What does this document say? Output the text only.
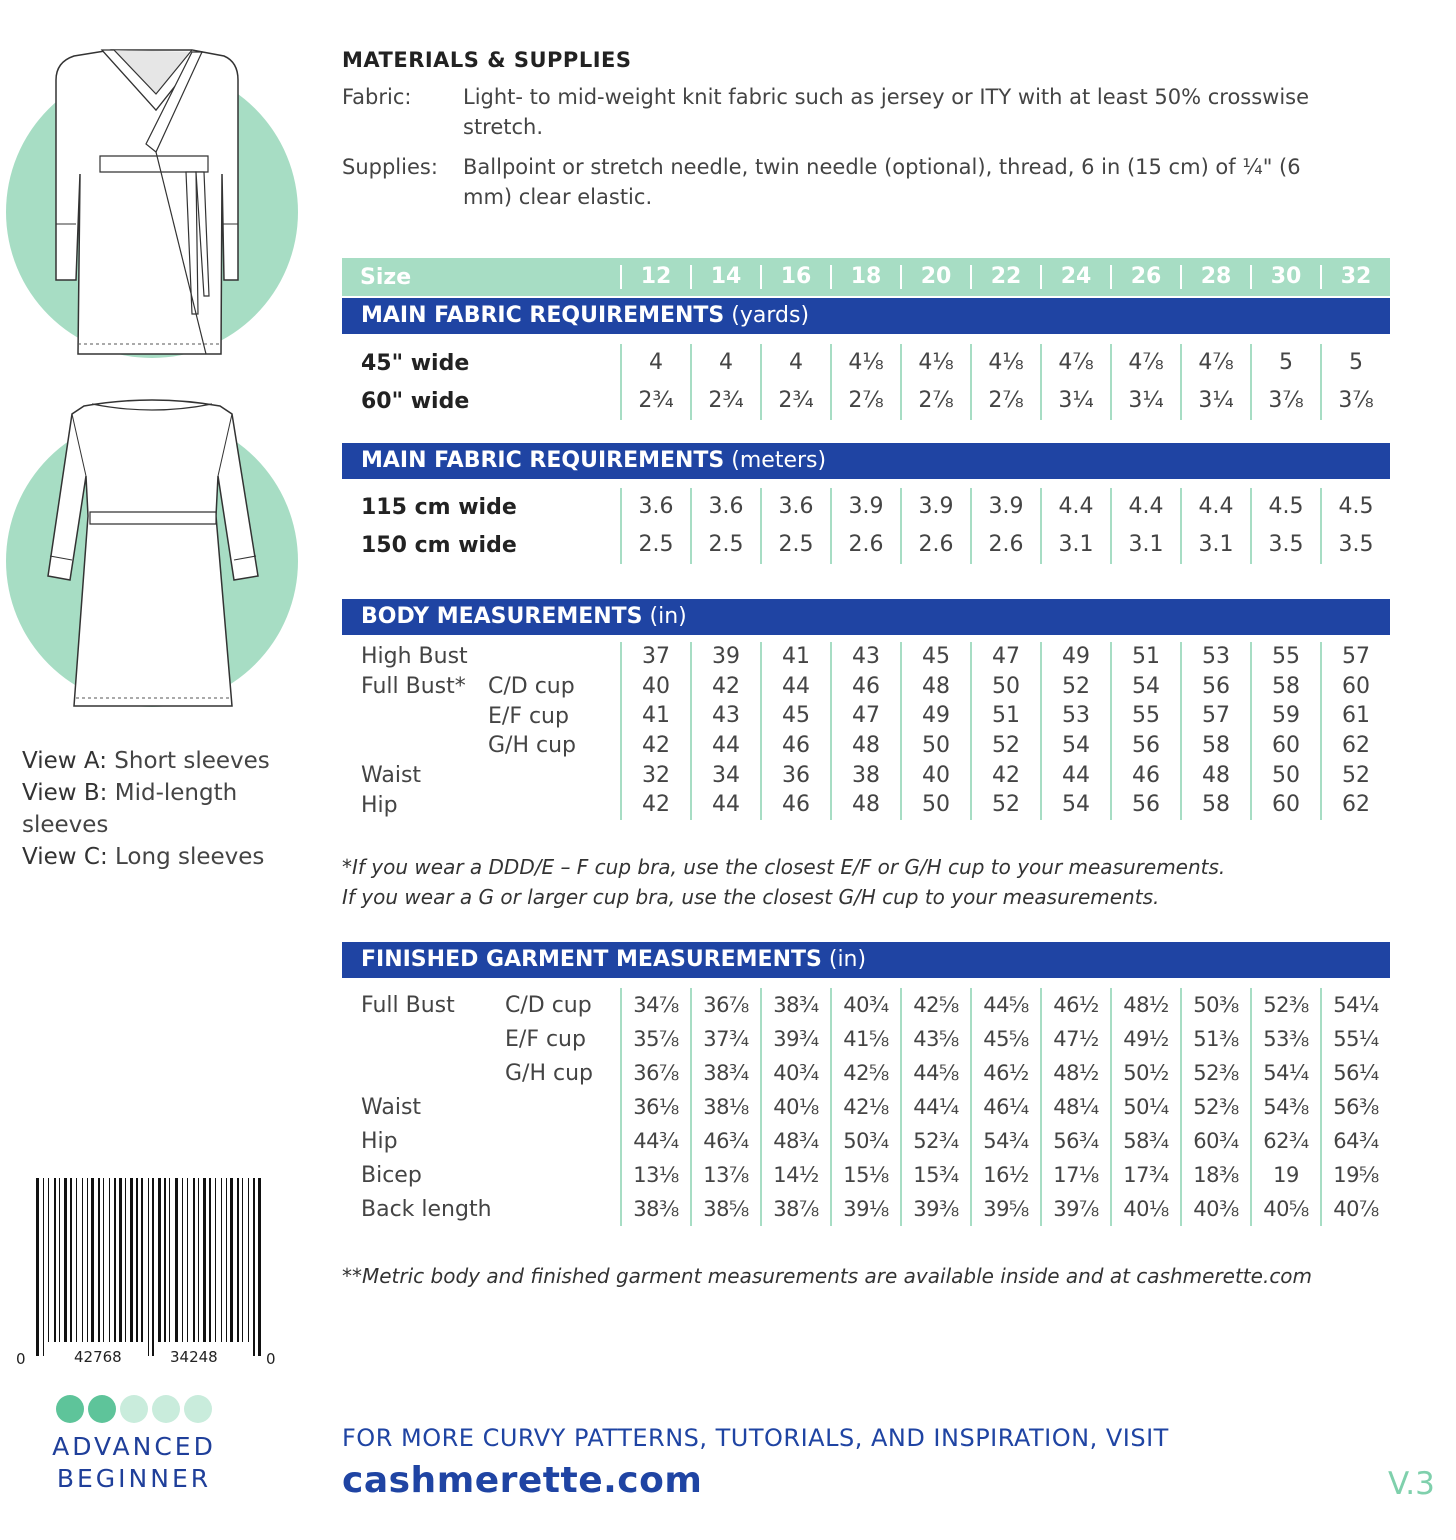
View A: Short sleeves
View B: Mid-length sleeves
View C: Long sleeves
0	42768	34248	0
ADVANCED
BEGINNER
MATERIALS & SUPPLIES
Fabric:	Light- to mid-weight knit fabric such as jersey or ITY with at least 50% crosswise stretch.
Supplies:	Ballpoint or stretch needle, twin needle (optional), thread, 6 in (15 cm) of ¼" (6 mm) clear elastic.
Size	12	14	16	18	20	22	24	26	28	30	32
MAIN FABRIC REQUIREMENTS (yards)
45" wide	4	4	4	4⅛	4⅛	4⅛	4⅞	4⅞	4⅞	5	5
60" wide	2¾	2¾	2¾	2⅞	2⅞	2⅞	3¼	3¼	3¼	3⅞	3⅞
MAIN FABRIC REQUIREMENTS (meters)
115 cm wide	3.6	3.6	3.6	3.9	3.9	3.9	4.4	4.4	4.4	4.5	4.5
150 cm wide	2.5	2.5	2.5	2.6	2.6	2.6	3.1	3.1	3.1	3.5	3.5
BODY MEASUREMENTS (in)
High Bust	37	39	41	43	45	47	49	51	53	55	57
Full Bust*	C/D cup	40	42	44	46	48	50	52	54	56	58	60
E/F cup	41	43	45	47	49	51	53	55	57	59	61
G/H cup	42	44	46	48	50	52	54	56	58	60	62
Waist	32	34	36	38	40	42	44	46	48	50	52
Hip	42	44	46	48	50	52	54	56	58	60	62
*If you wear a DDD/E – F cup bra, use the closest E/F or G/H cup to your measurements.
If you wear a G or larger cup bra, use the closest G/H cup to your measurements.
FINISHED GARMENT MEASUREMENTS (in)
Full Bust	C/D cup	34⅞	36⅞	38¾	40¾	42⅝	44⅝	46½	48½	50⅜	52⅜	54¼
E/F cup	35⅞	37¾	39¾	41⅝	43⅝	45⅝	47½	49½	51⅜	53⅜	55¼
G/H cup	36⅞	38¾	40¾	42⅝	44⅝	46½	48½	50½	52⅜	54¼	56¼
Waist	36⅛	38⅛	40⅛	42⅛	44¼	46¼	48¼	50¼	52⅜	54⅜	56⅜
Hip	44¾	46¾	48¾	50¾	52¾	54¾	56¾	58¾	60¾	62¾	64¾
Bicep	13⅛	13⅞	14½	15⅛	15¾	16½	17⅛	17¾	18⅜	19	19⅝
Back length	38⅜	38⅝	38⅞	39⅛	39⅜	39⅝	39⅞	40⅛	40⅜	40⅝	40⅞
**Metric body and finished garment measurements are available inside and at cashmerette.com
FOR MORE CURVY PATTERNS, TUTORIALS, AND INSPIRATION, VISIT
cashmerette.com	V.3
